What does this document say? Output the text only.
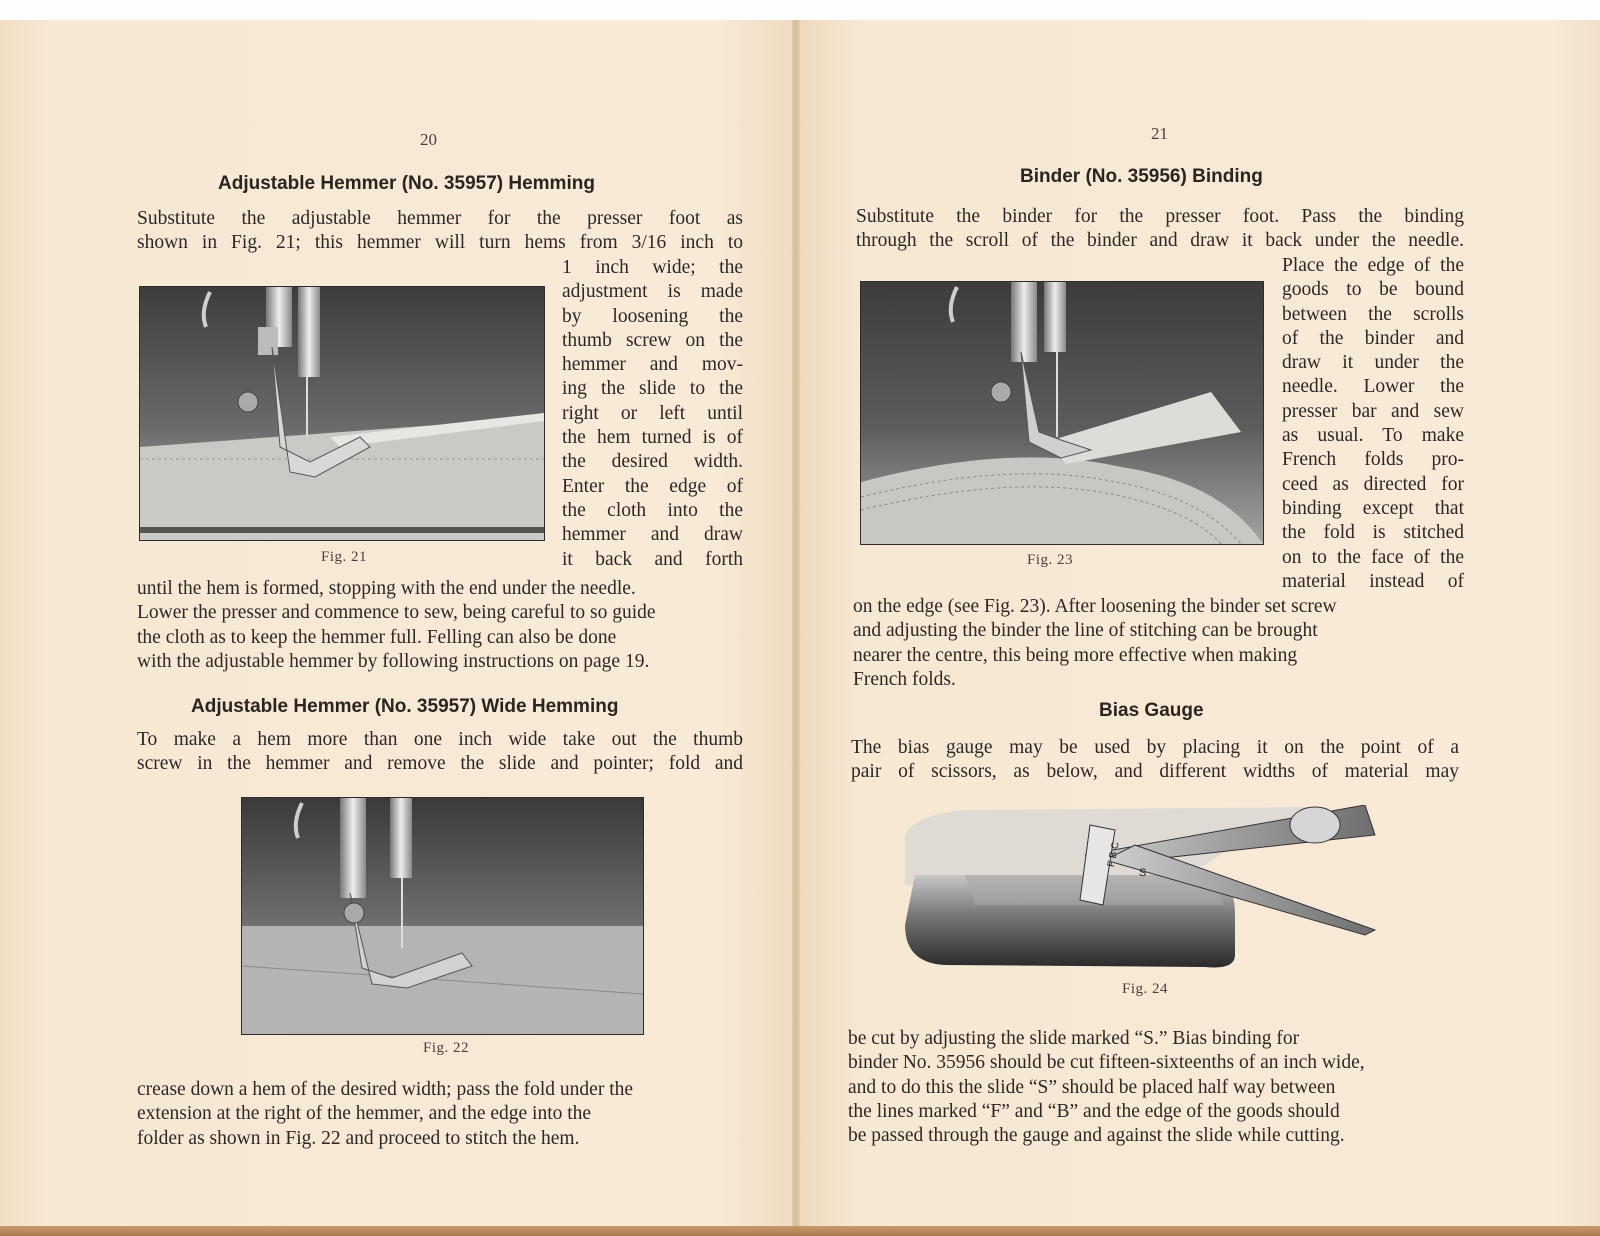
20
Adjustable Hemmer (No. 35957) Hemming
Substitute the adjustable hemmer for the presser foot as
shown in Fig. 21; this hemmer will turn hems from 3/16 inch to
1 inch wide; the
adjustment is made
by loosening the
thumb screw on the
hemmer and mov-
ing the slide to the
right or left until
the hem turned is of
the desired width.
Enter the edge of
the cloth into the
hemmer and draw
it back and forth
Fig. 21
until the hem is formed, stopping with the end under the needle.
Lower the presser and commence to sew, being careful to so guide
the cloth as to keep the hemmer full. Felling can also be done
with the adjustable hemmer by following instructions on page 19.
Adjustable Hemmer (No. 35957) Wide Hemming
To make a hem more than one inch wide take out the thumb
screw in the hemmer and remove the slide and pointer; fold and
Fig. 22
crease down a hem of the desired width; pass the fold under the
extension at the right of the hemmer, and the edge into the
folder as shown in Fig. 22 and proceed to stitch the hem.
21
Binder (No. 35956) Binding
Substitute the binder for the presser foot. Pass the binding
through the scroll of the binder and draw it back under the needle.
Place the edge of the
goods to be bound
between the scrolls
of the binder and
draw it under the
needle. Lower the
presser bar and sew
as usual. To make
French folds pro-
ceed as directed for
binding except that
the fold is stitched
on to the face of the
material instead of
Fig. 23
on the edge (see Fig. 23). After loosening the binder set screw
and adjusting the binder the line of stitching can be brought
nearer the centre, this being more effective when making
French folds.
Bias Gauge
The bias gauge may be used by placing it on the point of a
pair of scissors, as below, and different widths of material may
F B C
S
Fig. 24
be cut by adjusting the slide marked “S.” Bias binding for
binder No. 35956 should be cut fifteen-sixteenths of an inch wide,
and to do this the slide “S” should be placed half way between
the lines marked “F” and “B” and the edge of the goods should
be passed through the gauge and against the slide while cutting.
